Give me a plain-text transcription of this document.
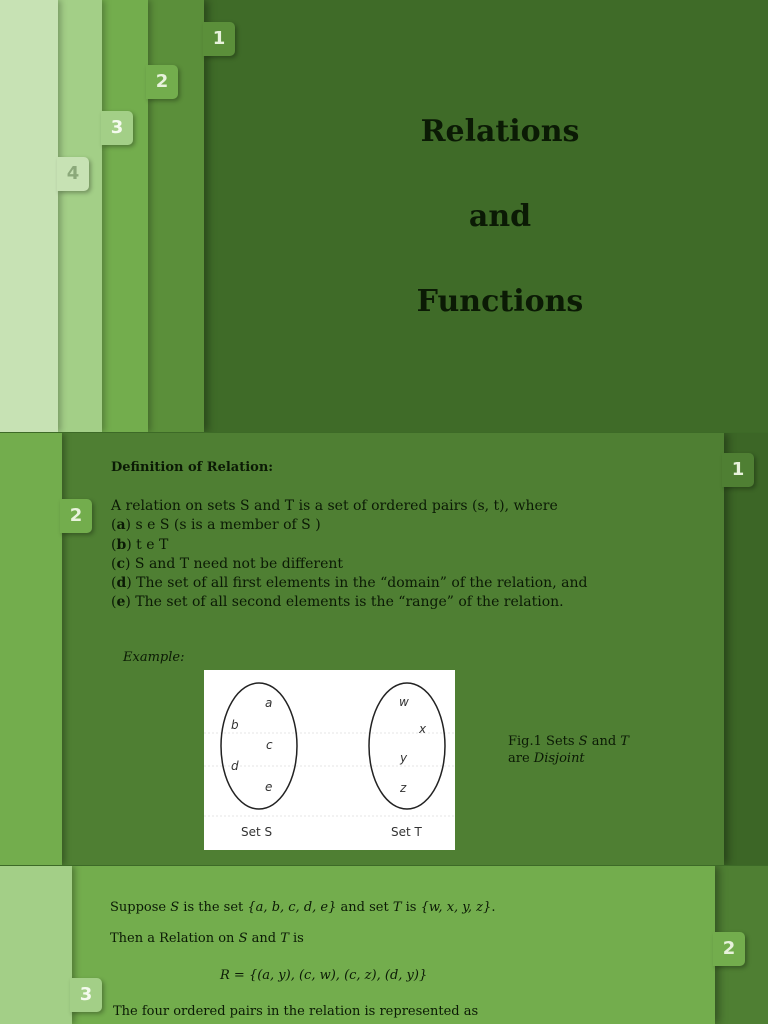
1
2
3
4
Relations
and
Functions
2
1
Definition of Relation:
A relation on sets S and T is a set of ordered pairs (s, t), where
(a) s e S (s is a member of S )
(b) t e T
(c) S and T need not be different
(d) The set of all first elements in the “domain” of the relation, and
(e) The set of all second elements is the “range” of the relation.
Example:
a
b
c
d
e
w
x
y
z
Set S	Set T
Fig.1 Sets S and T
are Disjoint
3
2
Suppose S is the set {a, b, c, d, e} and set T is {w, x, y, z}.
Then a Relation on S and T is
R = {(a, y), (c, w), (c, z), (d, y)}
The four ordered pairs in the relation is represented as
